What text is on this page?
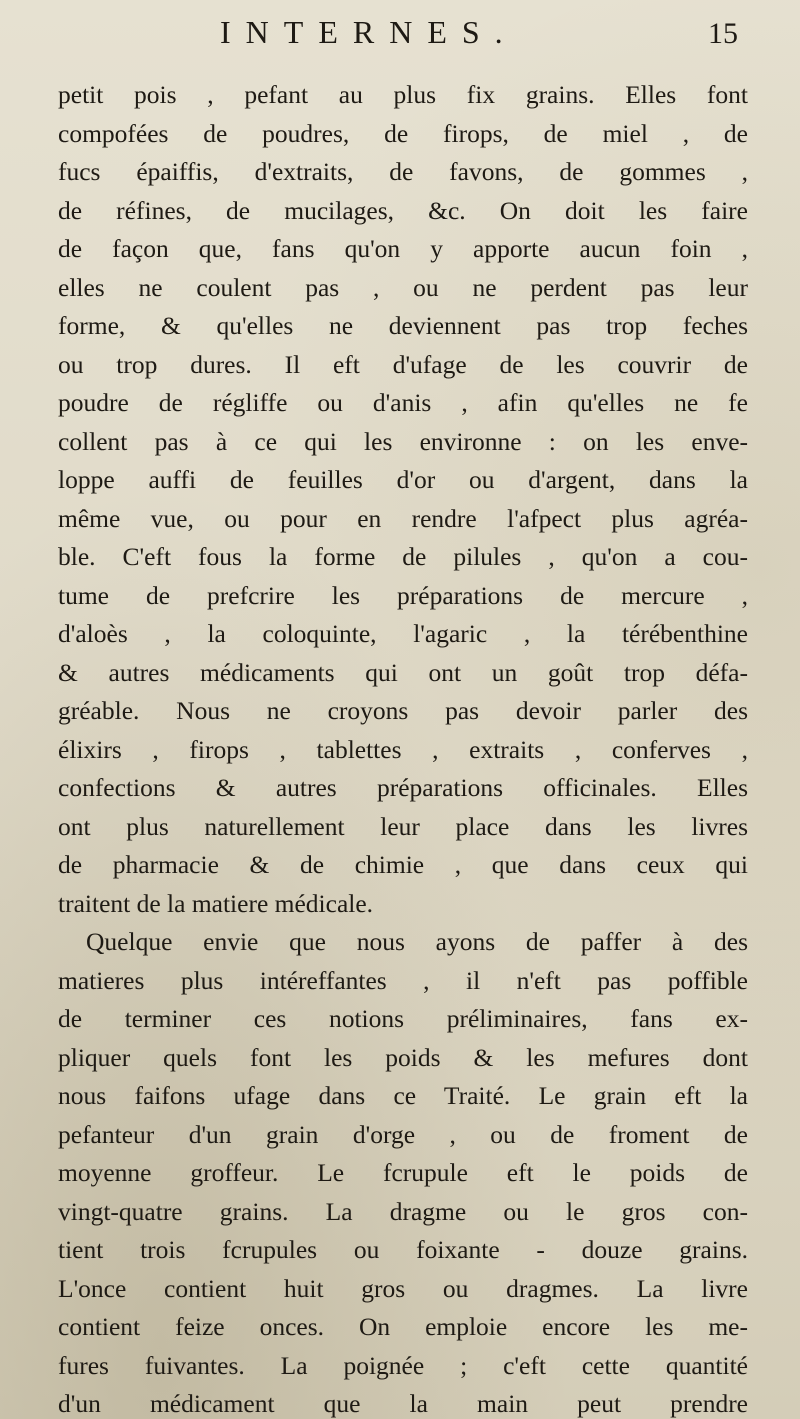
INTERNES.	15
petit pois , pefant au plus fix grains. Elles font
compofées de poudres, de firops, de miel , de
fucs épaiffis, d'extraits, de favons, de gommes ,
de réfines, de mucilages, &c. On doit les faire
de façon que, fans qu'on y apporte aucun foin ,
elles ne coulent pas , ou ne perdent pas leur
forme, & qu'elles ne deviennent pas trop feches
ou trop dures. Il eft d'ufage de les couvrir de
poudre de régliffe ou d'anis , afin qu'elles ne fe
collent pas à ce qui les environne : on les enve-
loppe auffi de feuilles d'or ou d'argent, dans la
même vue, ou pour en rendre l'afpect plus agréa-
ble. C'eft fous la forme de pilules , qu'on a cou-
tume de prefcrire les préparations de mercure ,
d'aloès , la coloquinte, l'agaric , la térébenthine
& autres médicaments qui ont un goût trop défa-
gréable. Nous ne croyons pas devoir parler des
élixirs , firops , tablettes , extraits , conferves ,
confections & autres préparations officinales. Elles
ont plus naturellement leur place dans les livres
de pharmacie & de chimie , que dans ceux qui
traitent de la matiere médicale.
Quelque envie que nous ayons de paffer à des
matieres plus intéreffantes , il n'eft pas poffible
de terminer ces notions préliminaires, fans ex-
pliquer quels font les poids & les mefures dont
nous faifons ufage dans ce Traité. Le grain eft la
pefanteur d'un grain d'orge , ou de froment de
moyenne groffeur. Le fcrupule eft le poids de
vingt-quatre grains. La dragme ou le gros con-
tient trois fcrupules ou foixante - douze grains.
L'once contient huit gros ou dragmes. La livre
contient feize onces. On emploie encore les me-
fures fuivantes. La poignée ; c'eft cette quantité
d'un médicament que la main peut prendre
